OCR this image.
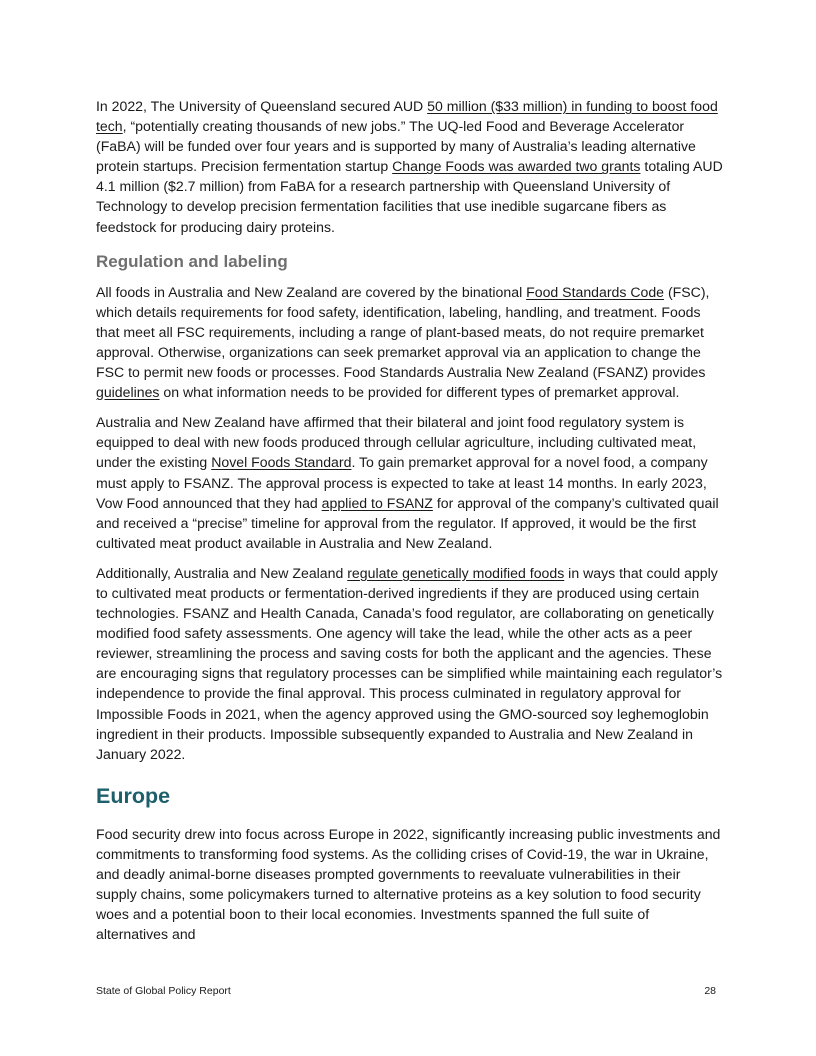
In 2022, The University of Queensland secured AUD 50 million ($33 million) in funding to boost food tech, “potentially creating thousands of new jobs.” The UQ-led Food and Beverage Accelerator (FaBA) will be funded over four years and is supported by many of Australia’s leading alternative protein startups. Precision fermentation startup Change Foods was awarded two grants totaling AUD 4.1 million ($2.7 million) from FaBA for a research partnership with Queensland University of Technology to develop precision fermentation facilities that use inedible sugarcane fibers as feedstock for producing dairy proteins.

Regulation and labeling

All foods in Australia and New Zealand are covered by the binational Food Standards Code (FSC), which details requirements for food safety, identification, labeling, handling, and treatment. Foods that meet all FSC requirements, including a range of plant-based meats, do not require premarket approval. Otherwise, organizations can seek premarket approval via an application to change the FSC to permit new foods or processes. Food Standards Australia New Zealand (FSANZ) provides guidelines on what information needs to be provided for different types of premarket approval.

Australia and New Zealand have affirmed that their bilateral and joint food regulatory system is equipped to deal with new foods produced through cellular agriculture, including cultivated meat, under the existing Novel Foods Standard. To gain premarket approval for a novel food, a company must apply to FSANZ. The approval process is expected to take at least 14 months. In early 2023, Vow Food announced that they had applied to FSANZ for approval of the company’s cultivated quail and received a “precise” timeline for approval from the regulator. If approved, it would be the first cultivated meat product available in Australia and New Zealand.

Additionally, Australia and New Zealand regulate genetically modified foods in ways that could apply to cultivated meat products or fermentation-derived ingredients if they are produced using certain technologies. FSANZ and Health Canada, Canada’s food regulator, are collaborating on genetically modified food safety assessments. One agency will take the lead, while the other acts as a peer reviewer, streamlining the process and saving costs for both the applicant and the agencies. These are encouraging signs that regulatory processes can be simplified while maintaining each regulator’s independence to provide the final approval. This process culminated in regulatory approval for Impossible Foods in 2021, when the agency approved using the GMO-sourced soy leghemoglobin ingredient in their products. Impossible subsequently expanded to Australia and New Zealand in January 2022.

Europe

Food security drew into focus across Europe in 2022, significantly increasing public investments and commitments to transforming food systems. As the colliding crises of Covid-19, the war in Ukraine, and deadly animal-borne diseases prompted governments to reevaluate vulnerabilities in their supply chains, some policymakers turned to alternative proteins as a key solution to food security woes and a potential boon to their local economies. Investments spanned the full suite of alternatives and

State of Global Policy Report	28
